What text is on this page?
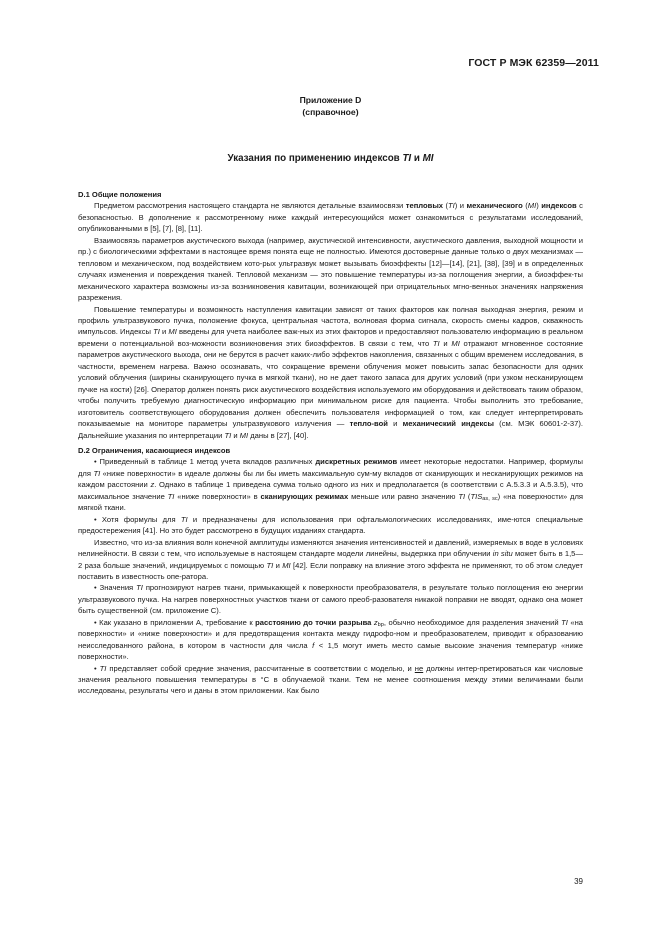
ГОСТ Р МЭК 62359—2011
Приложение D
(справочное)
Указания по применению индексов TI и MI
D.1 Общие положения

Предметом рассмотрения настоящего стандарта не являются детальные взаимосвязи тепловых (TI) и механического (MI) индексов с безопасностью. В дополнение к рассмотренному ниже каждый интересующийся может ознакомиться с результатами исследований, опубликованными в [5], [7], [8], [11].

Взаимосвязь параметров акустического выхода (например, акустической интенсивности, акустического давления, выходной мощности и пр.) с биологическими эффектами в настоящее время понята еще не полностью. Имеются достоверные данные только о двух механизмах — тепловом и механическом, под воздействием кото-рых ультразвук может вызывать биоэффекты [12]—[14], [21], [38], [39] и в определенных случаях изменения и повреждения тканей. Тепловой механизм — это повышение температуры из-за поглощения энергии, а биоэффек-ты механического характера возможны из-за возникновения кавитации, возникающей при отрицательных мгно-венных значениях напряжения разрежения.

Повышение температуры и возможность наступления кавитации зависят от таких факторов как полная выходная энергия, режим и профиль ультразвукового пучка, положение фокуса, центральная частота, волновая форма сигнала, скорость смены кадров, скважность импульсов. Индексы TI и MI введены для учета наиболее важ-ных из этих факторов и предоставляют пользователю информацию в реальном времени о потенциальной воз-можности возникновения этих биоэффектов. В связи с тем, что TI и MI отражают мгновенное состояние параметров акустического выхода, они не берутся в расчет каких-либо эффектов накопления, связанных с общим временем исследования, в частности, временем нагрева. Важно осознавать, что сокращение времени облучения может повысить запас безопасности для одних условий облучения (ширины сканирующего пучка в мягкой ткани), но не дает такого запаса для других условий (при узком несканирующем пучке на кости) [26]. Оператор должен понять риск акустического воздействия используемого им оборудования и действовать таким образом, чтобы получить требуемую диагностическую информацию при минимальном риске для пациента. Чтобы выполнить это требование, изготовитель соответствующего оборудования должен обеспечить пользователя информацией о том, как следует интерпретировать показываемые на мониторе параметры ультразвукового излучения — тепло-вой и механический индексы (см. МЭК 60601-2-37). Дальнейшие указания по интерпретации TI и MI даны в [27], [40].

D.2 Ограничения, касающиеся индексов

• Приведенный в таблице 1 метод учета вкладов различных дискретных режимов имеет некоторые недостатки. Например, формулы для TI «ниже поверхности» в идеале должны бы ли бы иметь максимальную сум-му вкладов от сканирующих и несканирующих режимов на каждом расстоянии z. Однако в таблице 1 приведена сумма только одного из них и предполагается (в соответствии с А.5.3.3 и А.5.3.5), что максимальное значение TI «ниже поверхности» в сканирующих режимах меньше или равно значению TI $(TIS_{as, sc})$ «на поверхности» для мягкой ткани.

• Хотя формулы для TI и предназначены для использования при офтальмологических исследованиях, име-ются специальные предостережения [41]. Но это будет рассмотрено в будущих изданиях стандарта.

Известно, что из-за влияния волн конечной амплитуды изменяются значения интенсивностей и давлений, измеряемых в воде в условиях нелинейности. В связи с тем, что используемые в настоящем стандарте модели линейны, выдержка при облучении in situ может быть в 1,5— 2 раза больше значений, индицируемых с помощью TI и MI [42]. Если поправку на влияние этого эффекта не применяют, то об этом следует поставить в известность опе-ратора.

• Значения TI прогнозируют нагрев ткани, примыкающей к поверхности преобразователя, в результате только поглощения ею энергии ультразвукового пучка. На нагрев поверхностных участков ткани от самого преоб-разователя никакой поправки не вводят, однако она может быть существенной (см. приложение С).

• Как указано в приложении А, требование к расстоянию до точки разрыва $z_{bp}$, обычно необходимое для разделения значений TI «на поверхности» и «ниже поверхности» и для предотвращения контакта между гидрофо-ном и преобразователем, приводит к образованию неисследованного района, в котором в частности для числа f < 1,5 могут иметь место самые высокие значения температур «ниже поверхности».

• TI представляет собой средние значения, рассчитанные в соответствии с моделью, и не должны интер-претироваться как числовые значения реального повышения температуры в °С в облучаемой ткани. Тем не менее соотношения между этими величинами были исследованы, результаты чего и даны в этом приложении. Как было

39
